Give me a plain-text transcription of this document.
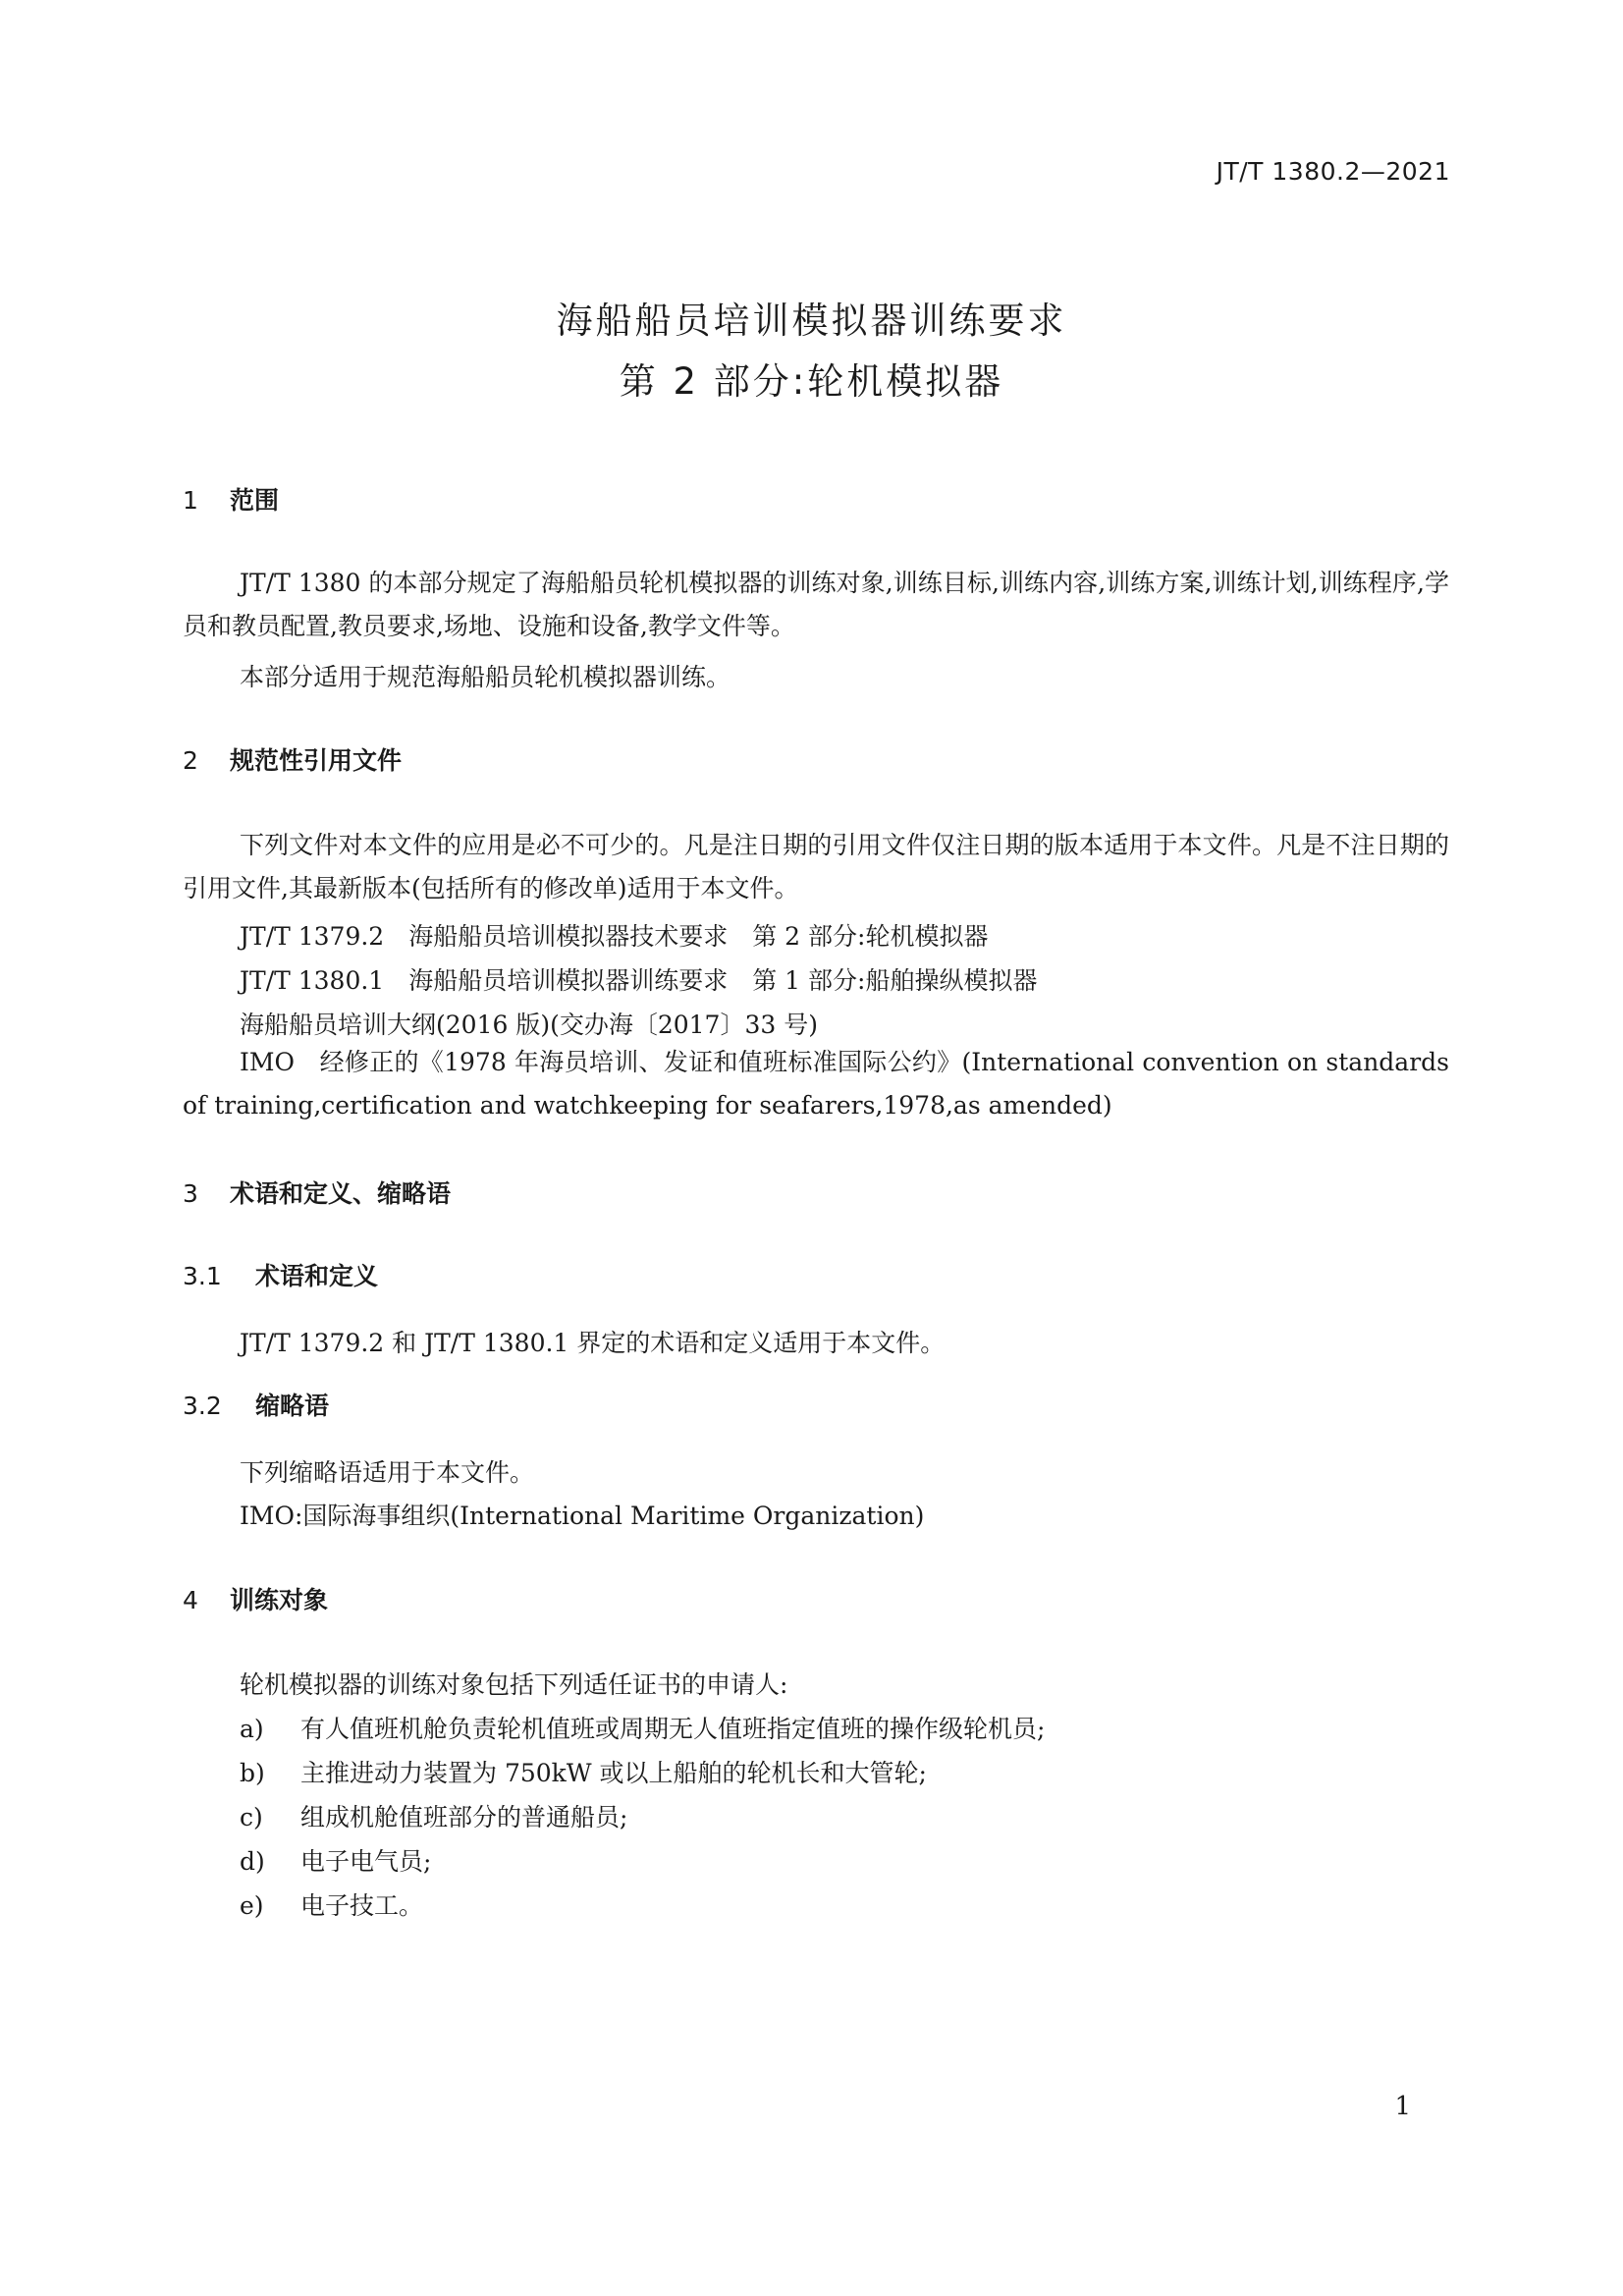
JT/T 1380.2—2021
海船船员培训模拟器训练要求
第 2 部分:轮机模拟器
1 范围
JT/T 1380 的本部分规定了海船船员轮机模拟器的训练对象,训练目标,训练内容,训练方案,训练计划,训练程序,学员和教员配置,教员要求,场地、设施和设备,教学文件等。
本部分适用于规范海船船员轮机模拟器训练。
2 规范性引用文件
下列文件对本文件的应用是必不可少的。凡是注日期的引用文件仅注日期的版本适用于本文件。凡是不注日期的引用文件,其最新版本(包括所有的修改单)适用于本文件。
JT/T 1379.2　海船船员培训模拟器技术要求　第 2 部分:轮机模拟器
JT/T 1380.1　海船船员培训模拟器训练要求　第 1 部分:船舶操纵模拟器
海船船员培训大纲(2016 版)(交办海〔2017〕33 号)
IMO　经修正的《1978 年海员培训、发证和值班标准国际公约》(International convention on standards of training,certification and watchkeeping for seafarers,1978,as amended)
3 术语和定义、缩略语
3.1 术语和定义
JT/T 1379.2 和 JT/T 1380.1 界定的术语和定义适用于本文件。
3.2 缩略语
下列缩略语适用于本文件。
IMO:国际海事组织(International Maritime Organization)
4 训练对象
轮机模拟器的训练对象包括下列适任证书的申请人:
a) 有人值班机舱负责轮机值班或周期无人值班指定值班的操作级轮机员;
b) 主推进动力装置为 750kW 或以上船舶的轮机长和大管轮;
c) 组成机舱值班部分的普通船员;
d) 电子电气员;
e) 电子技工。
1
